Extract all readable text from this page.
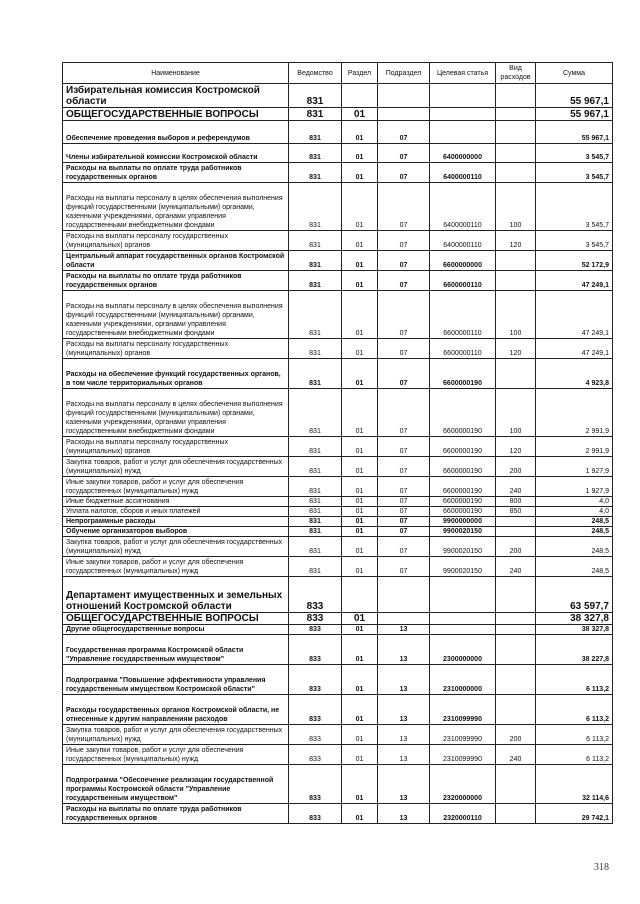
Наименование	Ведомство	Раздел	Подраздел	Целевая статья	Вид расходов	Сумма
Избирательная комиссия Костромской области	831					55 967,1
ОБЩЕГОСУДАРСТВЕННЫЕ ВОПРОСЫ	831	01				55 967,1
Обеспечение проведения выборов и референдумов	831	01	07			55 967,1
Члены избирательной комиссии Костромской области	831	01	07	6400000000		3 545,7
Расходы на выплаты по оплате труда работников государственных органов	831	01	07	6400000110		3 545,7
Расходы на выплаты персоналу в целях обеспечения выполнения функций государственными (муниципальными) органами, казенными учреждениями, органами управления государственными внебюджетными фондами	831	01	07	6400000110	100	3 545,7
Расходы на выплаты персоналу государственных (муниципальных) органов	831	01	07	6400000110	120	3 545,7
Центральный аппарат государственных органов Костромской области	831	01	07	6600000000		52 172,9
Расходы на выплаты по оплате труда работников государственных органов	831	01	07	6600000110		47 249,1
Расходы на выплаты персоналу в целях обеспечения выполнения функций государственными (муниципальными) органами, казенными учреждениями, органами управления государственными внебюджетными фондами	831	01	07	6600000110	100	47 249,1
Расходы на выплаты персоналу государственных (муниципальных) органов	831	01	07	6600000110	120	47 249,1
Расходы на обеспечение функций государственных органов, в том числе территориальных органов	831	01	07	6600000190		4 923,8
Расходы на выплаты персоналу в целях обеспечения выполнения функций государственными (муниципальными) органами, казенными учреждениями, органами управления государственными внебюджетными фондами	831	01	07	6600000190	100	2 991,9
Расходы на выплаты персоналу государственных (муниципальных) органов	831	01	07	6600000190	120	2 991,9
Закупка товаров, работ и услуг для обеспечения государственных (муниципальных) нужд	831	01	07	6600000190	200	1 927,9
Иные закупки товаров, работ и услуг для обеспечения государственных (муниципальных) нужд	831	01	07	6600000190	240	1 927,9
Иные бюджетные ассигнования	831	01	07	6600000190	800	4,0
Уплата налогов, сборов и иных платежей	831	01	07	6600000190	850	4,0
Непрограммные расходы	831	01	07	9900000000		248,5
Обучение организаторов выборов	831	01	07	9900020150		248,5
Закупка товаров, работ и услуг для обеспечения государственных (муниципальных) нужд	831	01	07	9900020150	200	248,5
Иные закупки товаров, работ и услуг для обеспечения государственных (муниципальных) нужд	831	01	07	9900020150	240	248,5
Департамент имущественных и земельных отношений Костромской области	833					63 597,7
ОБЩЕГОСУДАРСТВЕННЫЕ ВОПРОСЫ	833	01				38 327,8
Другие общегосударственные вопросы	833	01	13			38 327,8
Государственная программа Костромской области "Управление государственным имуществом"	833	01	13	2300000000		38 227,8
Подпрограмма "Повышение эффективности управления государственным имуществом Костромской области"	833	01	13	2310000000		6 113,2
Расходы государственных органов Костромской области, не отнесенные к другим направлениям расходов	833	01	13	2310099990		6 113,2
Закупка товаров, работ и услуг для обеспечения государственных (муниципальных) нужд	833	01	13	2310099990	200	6 113,2
Иные закупки товаров, работ и услуг для обеспечения государственных (муниципальных) нужд	833	01	13	2310099990	240	6 113,2
Подпрограмма "Обеспечение реализации государственной программы Костромской области "Управление государственным имуществом"	833	01	13	2320000000		32 114,6
Расходы на выплаты по оплате труда работников государственных органов	833	01	13	2320000110		29 742,1
318
